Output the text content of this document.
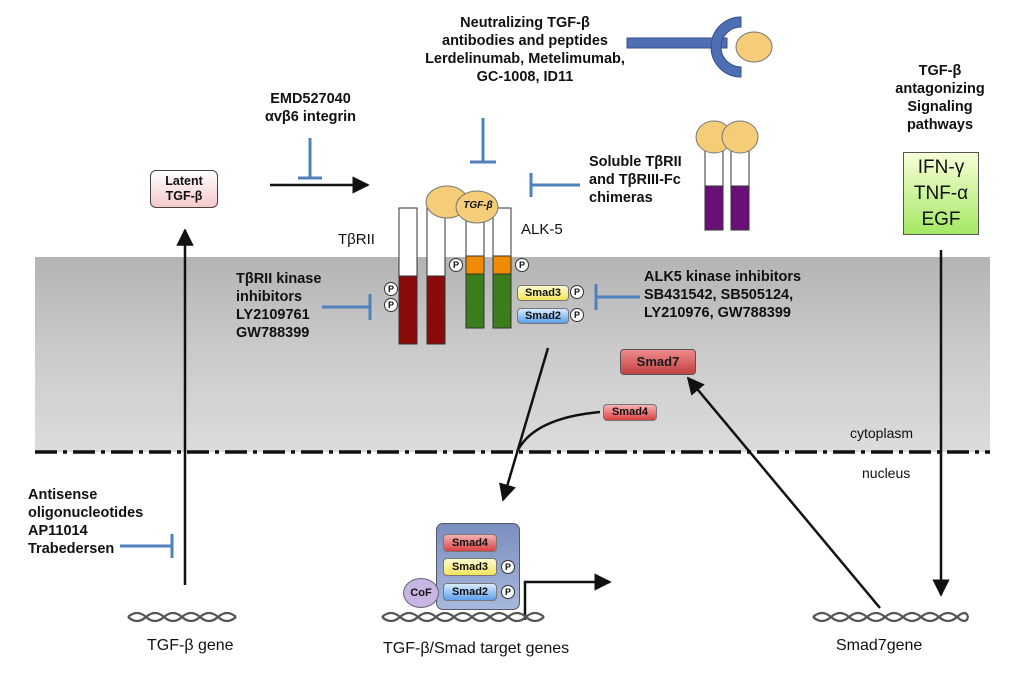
Neutralizing TGF-β
antibodies and peptides
Lerdelinumab, Metelimumab,
GC-1008, ID11
EMD527040
αvβ6 integrin
Latent
TGF-β
TGF-β
antagonizing
Signaling
pathways
IFN-γ
TNF-α
EGF
Soluble TβRII
and TβRIII-Fc
chimeras
TβRII
ALK-5
TGF-β
TβRII kinase
inhibitors
LY2109761
GW788399
ALK5 kinase inhibitors
SB431542, SB505124,
LY210976, GW788399
P
P
P	P
Smad3	P
Smad2	P
Smad7
Smad4
cytoplasm
nucleus
Antisense
oligonucleotides
AP11014
Trabedersen	Smad4
Smad3	P
Smad2	P
CoF
TGF-β gene	TGF-β/Smad target genes	Smad7gene
